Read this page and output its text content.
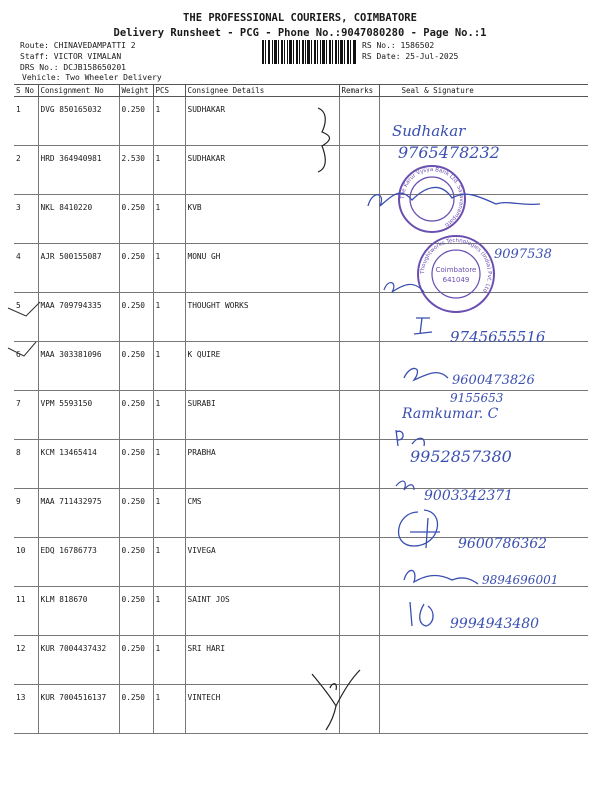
THE PROFESSIONAL COURIERS, COIMBATORE
Delivery Runsheet - PCG - Phone No.:9047080280 - Page No.:1
Route: CHINAVEDAMPATTI 2
Staff: VICTOR VIMALAN
DRS No.: DCJB158650201
Vehicle: Two Wheeler Delivery
RS No.: 1586502
RS Date: 25-Jul-2025
S No	Consignment No	Weight	PCS	Consignee Details	Remarks	Seal & Signature
1	DVG 850165032	0.250	1	SUDHAKAR		
2	HRD 364940981	2.530	1	SUDHAKAR		
3	NKL 8410220	0.250	1	KVB		
4	AJR 500155087	0.250	1	MONU GH		
5	MAA 709794335	0.250	1	THOUGHT WORKS		
6	MAA 303381096	0.250	1	K QUIRE		
7	VPM 5593150	0.250	1	SURABI		
8	KCM 13465414	0.250	1	PRABHA		
9	MAA 711432975	0.250	1	CMS		
10	EDQ 16786773	0.250	1	VIVEGA		
11	KLM 818670	0.250	1	SAINT JOS		
12	KUR 7004437432	0.250	1	SRI HARI		
13	KUR 7004516137	0.250	1	VINTECH		
Sudhakar
9765478232
The Karur Vysya Bank Ltd. Saravanampatti
Thoughtworks Technologies (India) Pvt. Ltd.
Coimbatore
641049
9097538
9745655516
9600473826
9155653
Ramkumar. C
9952857380
9003342371
9600786362
9894696001
9994943480
